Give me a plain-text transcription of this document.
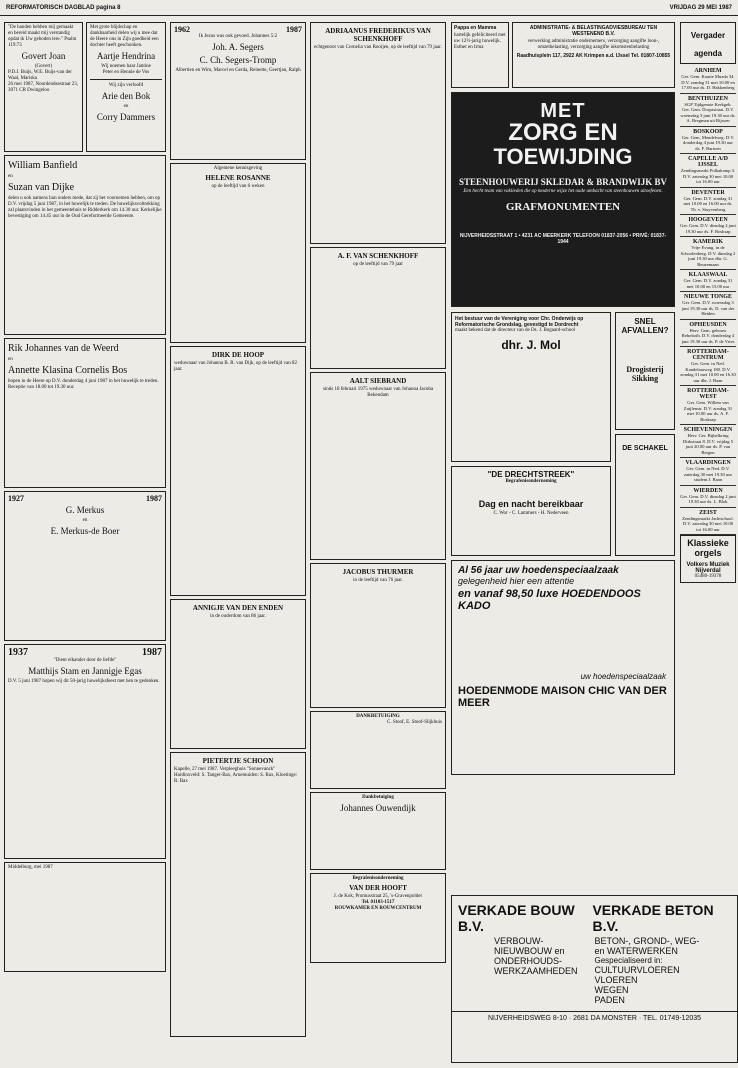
REFORMATORISCH DAGBLAD pagina 8	VRIJDAG 29 MEI 1987

"De handen hebben mij gemaakt en bereid maakt mij verstandig opdat ik Uw geboden lere." Psalm 119:73

Govert Joan

(Govert)

P.D.J. Buijs, W.E. Buijs-van der Waal, Mariska

26 mei 1987, Noordendsestraat 23, 3071 CR Dwingeloo

Met grote blijdschap en dankbaarheid delen wij u mee dat de Heere ons in Zijn goedheid een dochter heeft geschonken.

Aartje Hendrina

Wij noemen haar Jantine

Peter en Hennie de Vos

Wij zijn verloofd

Arie den Bok

en

Corry Dammers

William Banfield

en

Suzan van Dijke

delen u ook namens hun ouders mede, dat zij het voornemen hebben, om op D.V. vrijdag 5 juni 1987, in het huwelijk te treden. De huwelijksvoltrekking zal plaatsvinden in het gemeentehuis te Ridderkerk om 14.30 uur. Kerkelijke bevestiging om 14.45 uur in de Oud Gereformeerde Gemeente.

Rik Johannes van de Weerd

en

Annette Klasina Cornelis Bos

hopen in de Heere op D.V. donderdag 4 juni 1987 in het huwelijk te treden. Receptie van 18.00 tot 19.30 uur.

1927	1987

G. Merkus

en

E. Merkus-de Boer

1937	1987

"Dient elkander door de liefde"

Matthijs Stam en Jannigje Egas

D.V. 5 juni 1987 hopen wij dit 50-jarig huwelijksfeest met hen te gedenken.

Middelburg, mei 1987

1962	1987

Ik Jezus was ook gevoed. Johannes 5:2

Joh. A. Segers

C. Ch. Segers-Tromp

Albertien en Wim, Marcel en Gerda, Reinette, Geertjan, Ralph

Algemene kennisgeving

HELENE ROSANNE

op de leeftijd van 6 weken

DIRK DE HOOP

weduwnaar van Johanna B. R. van Dijk, op de leeftijd van 82 jaar.

ANNIGJE VAN DEN ENDEN

in de ouderdom van 86 jaar.

PIETERTJE SCHOON

Kapelle, 27 mei 1987. Verpleeghuis "Sonnevanck"

Hardinxveld: S. Tanger-Bax, Arnemuiden: S. Bax, Kloetinge: R. Bax

ADRIAANUS FREDERIKUS VAN SCHENKHOFF

echtgenoot van Cornelia van Rooijen, op de leeftijd van 79 jaar.

A. F. VAN SCHENKHOFF

op de leeftijd van 79 jaar

AALT SIEBRAND

sinds 18 februari 1975 weduwnaar van Johanna Jacoba Bekendam

JACOBUS THURMER

in de leeftijd van 76 jaar.

DANKBETUIGING

C. Stoof, E. Stoof-Slijkhuis

Dankbetuiging

Johannes Ouwendijk

Begrafenisonderneming

VAN DER HOOFT

J. de Kok, Promusstraat 25, 's-Gravenpolder

Tel. 01103-1517

ROUWKAMER EN ROUWCENTRUM

Pappa en Mamma

hartelijk gefeliciteerd met uw 12½-jarig huwelijk. Esther en Irma

ADMINISTRATIE- & BELASTINGADVIESBUREAU TEN WESTENEND B.V.

verwerking administratie ondernemers, verzorging aangifte loon-, omzetbelasting, verzorging aangifte inkomstenbelasting

Raadhuisplein 117, 2922 AK Krimpen a.d. IJssel Tel. 01807-10855

MET
ZORG EN
TOEWIJDING

STEENHOUWERIJ SKLEDAR & BRANDWIJK BV

Een hecht team van vaklieden die op moderne wijze het oude ambacht van steenhouwen uitoefenen.

GRAFMONUMENTEN

NIJVERHEIDSSTRAAT 1 • 4231 AC MEERKERK TELEFOON 01837-2056 • PRIVÉ: 01837-1944

Het bestuur van de Vereniging voor Chr. Onderwijs op Reformatorische Grondslag, gevestigd te Dordrecht

maakt bekend dat de directeur van de Ds. J. Bogaard-school

dhr. J. Mol

SNEL AFVALLEN?

Drogisterij Sikking

DE SCHAKEL

"DE DRECHTSTREEK"

Begrafenisonderneming

Dag en nacht bereikbaar

C. Wor - C. Lammers - H. Nederveen

Al 56 jaar uw hoedenspeciaalzaak

gelegenheid hier een attentie

en vanaf 98,50 luxe HOEDENDOOS KADO

uw hoedenspeciaalzaak

HOEDENMODE MAISON CHIC VAN DER MEER

VERKADE BOUW B.V.
VERKADE BETON B.V.
VERBOUW-
NIEUWBOUW en
ONDERHOUDS-
WERKZAAMHEDEN
BETON-, GROND-, WEG-
en WATERWERKEN
Gespecialiseerd in:
CULTUURVLOEREN
VLOEREN
WEGEN
PADEN

NIJVERHEIDSWEG 8-10 · 2681 DA MONSTER · TEL. 01749-12035

Vergader agenda

ARNHEM

Ger. Gem. Kaarte Muzda 34. D.V. zondag 31 mei 10.00 en 17.00 uur ds. D. Hakkenberg

BENTHUIZEN

SGP Tijdgenote Kerkgeb. Ger. Gem. Dorpsstraat. D.V. woensdag 3 juni 19.30 uur ds. A. Bregman uit Rijssen

BOSKOOP

Ger. Gem. Mendelweg. D.V. donderdag 4 juni 19.30 uur ds. F. Bartoen

CAPELLE A/D IJSSEL

Zendingsmarkt Polkakamp 3. D.V. zaterdag 30 mei 10.00 tot 16.00 uur

DEVENTER

Ger. Gem. D.V. zondag 31 mei 10.00 en 16.00 uur ds. Th. v. Stuyvenberg

HOOGEVEEN

Ger. Gem. D.V. dinsdag 2 juni 19.30 uur ds. F. Bosksap

KAMERIK

Vrije Evang. in de Schoolenberg. D.V. dinsdag 2 juni 19.30 uur dhr. G. Beuzemaan

KLAASWAAL

Ger. Gem. D.V. zondag 31 mei 10.00 en 15.00 uur

NIEUWE TONGE

Ger. Gem. D.V. woensdag 3 juni 19.30 uur ds. D. van der Heiden

OPHEUSDEN

Herv. Gem. gebouw Rehoboth. D.V. donderdag 4 juni 19.30 uur ds. P. de Vries

ROTTERDAM-CENTRUM

Ger. Gem. in Ned. Kandelaarweg 180. D.V. zondag 31 mei 10.00 en 16.30 uur dhr. J. Baan

ROTTERDAM-WEST

Ger. Gem. Willem van Zuijlenstr. D.V. zondag 31 mei 10.00 uur ds. A. F. Bosksap

SCHEVENINGEN

Herv. Ger. Bijbelkring Dirkstraat 8. D.V. vrijdag 5 juni 20.00 uur ds. P. van Bergen

VLAARDINGEN

Ger. Gem. in Ned. D.V. zaterdag 30 mei 19.30 uur student J. Baan

WIERDEN

Ger. Gem. D.V. dinsdag 2 juni 19.30 uur ds. L. Blok

ZEIST

Zendingsmarkt Jachtschool. D.V. zaterdag 30 mei 10.00 tot 16.00 uur

Klassieke orgels
Volkers Muziek Nijverdal
05480-19378
